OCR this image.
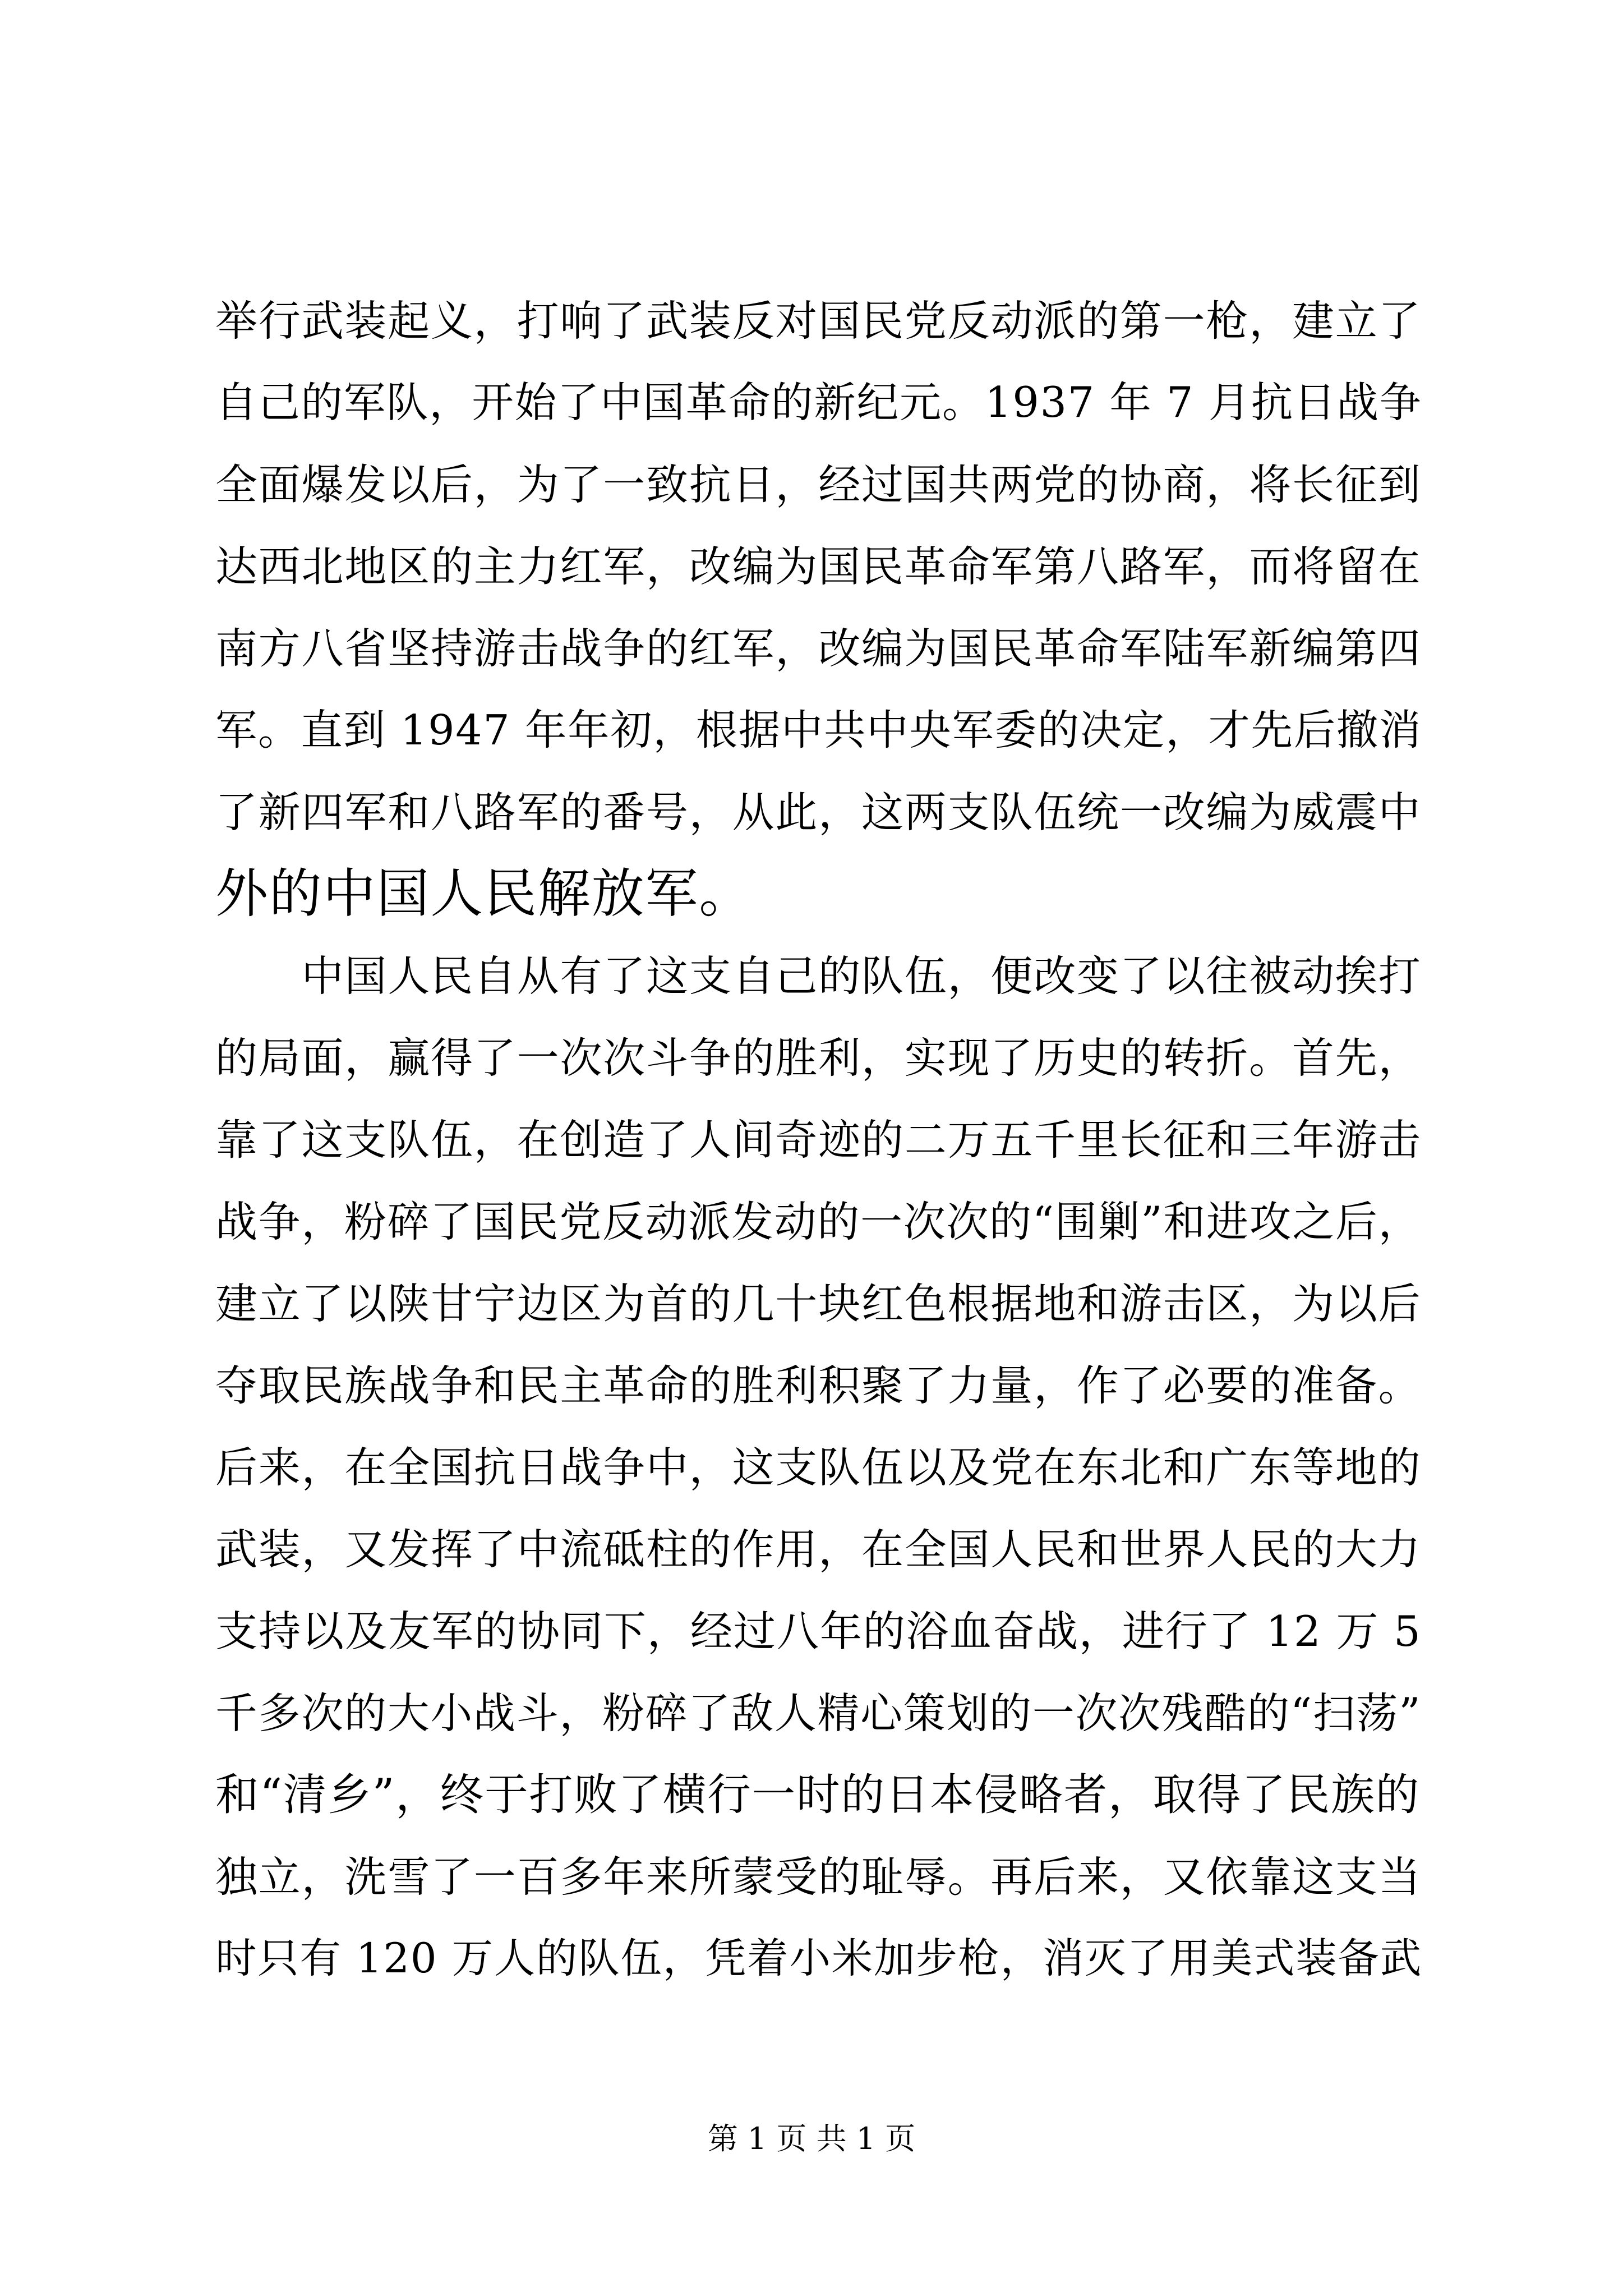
举行武装起义，打响了武装反对国民党反动派的第一枪，建立了
自己的军队，开始了中国革命的新纪元。1937 年 7 月抗日战争
全面爆发以后，为了一致抗日，经过国共两党的协商，将长征到
达西北地区的主力红军，改编为国民革命军第八路军，而将留在
南方八省坚持游击战争的红军，改编为国民革命军陆军新编第四
军。直到 1947 年年初，根据中共中央军委的决定，才先后撤消
了新四军和八路军的番号，从此，这两支队伍统一改编为威震中
外的中国人民解放军。
　　中国人民自从有了这支自己的队伍，便改变了以往被动挨打
的局面，赢得了一次次斗争的胜利，实现了历史的转折。首先，
靠了这支队伍，在创造了人间奇迹的二万五千里长征和三年游击
战争，粉碎了国民党反动派发动的一次次的“围剿”和进攻之后，
建立了以陕甘宁边区为首的几十块红色根据地和游击区，为以后
夺取民族战争和民主革命的胜利积聚了力量，作了必要的准备。
后来，在全国抗日战争中，这支队伍以及党在东北和广东等地的
武装，又发挥了中流砥柱的作用，在全国人民和世界人民的大力
支持以及友军的协同下，经过八年的浴血奋战，进行了 12 万 5
千多次的大小战斗，粉碎了敌人精心策划的一次次残酷的“扫荡”
和“清乡”，终于打败了横行一时的日本侵略者，取得了民族的
独立，洗雪了一百多年来所蒙受的耻辱。再后来，又依靠这支当
时只有 120 万人的队伍，凭着小米加步枪，消灭了用美式装备武
第 1 页 共 1 页
